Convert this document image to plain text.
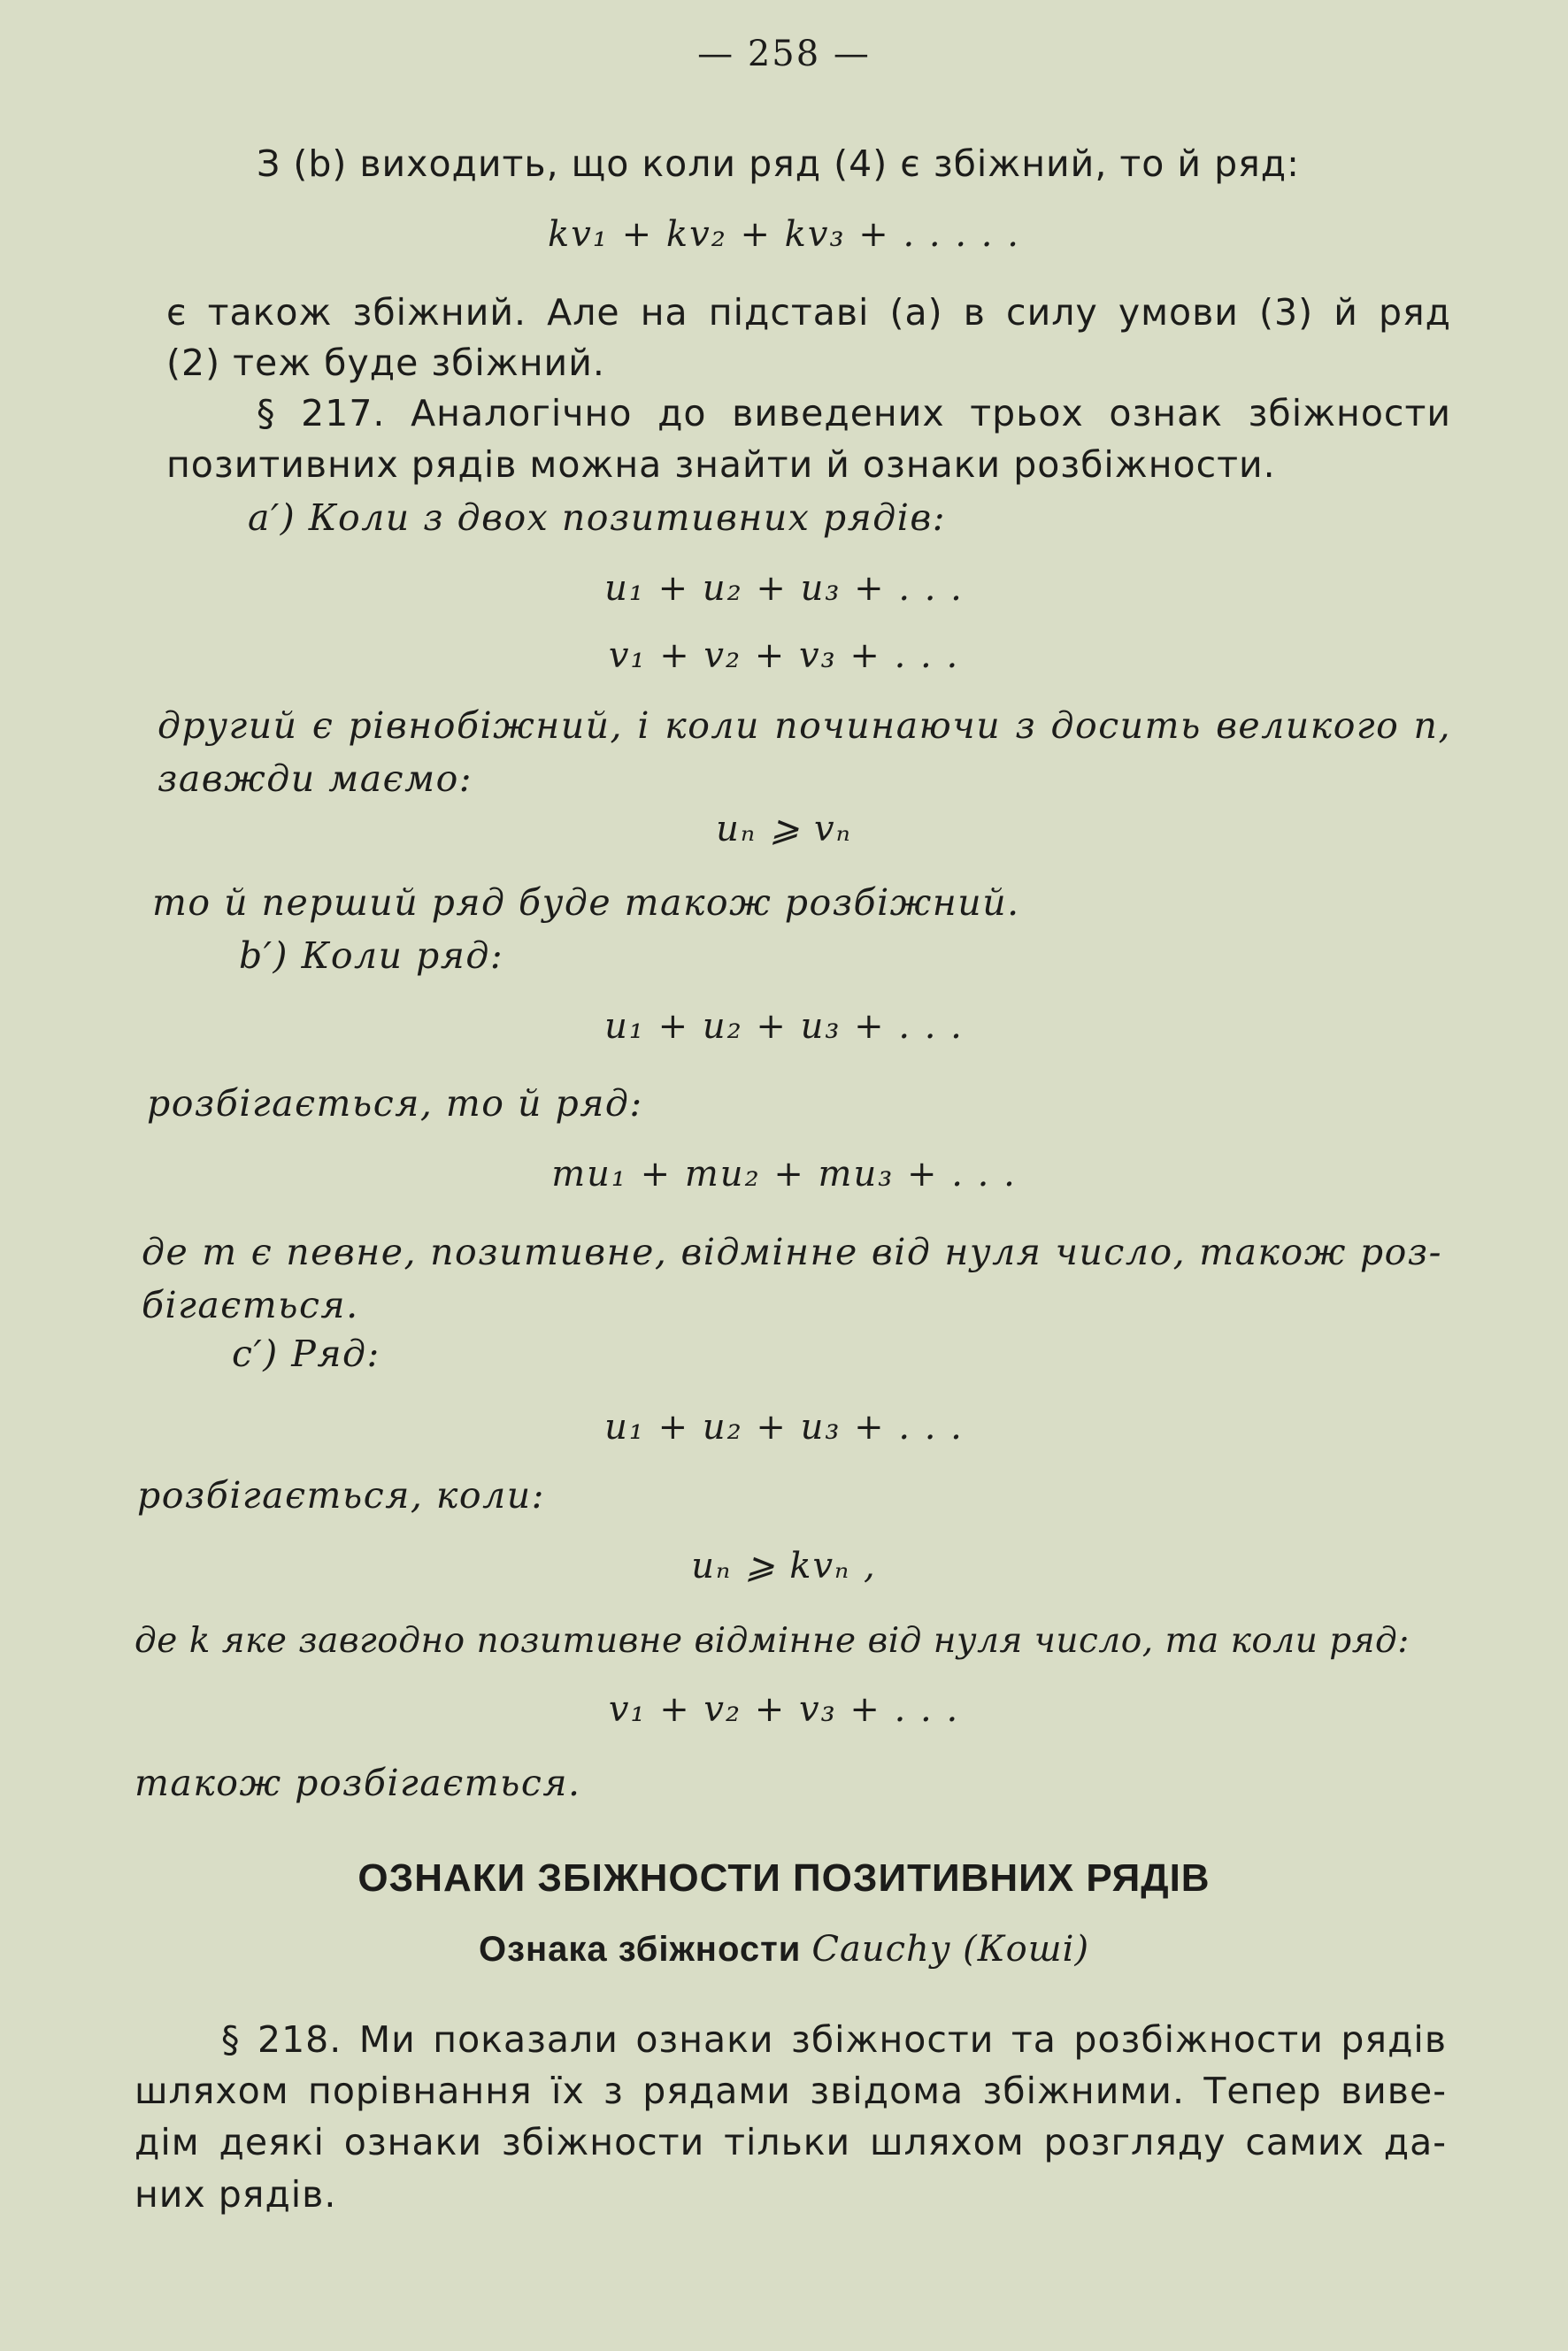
— 258 —
З (b) виходить, що коли ряд (4) є збіжний, то й ряд:
kv₁ + kv₂ + kv₃ + . . . . .
є також збіжний. Але на підставі (a) в силу умови (3) й ряд
(2) теж буде збіжний.
§ 217. Аналогічно до виведених трьох ознак збіжности
позитивних рядів можна знайти й ознаки розбіжности.
a′) Коли з двох позитивних рядів:
u₁ + u₂ + u₃ + . . .
v₁ + v₂ + v₃ + . . .
другий є рівнобіжний, і коли починаючи з досить великого n,
завжди маємо:
uₙ ⩾ vₙ
то й перший ряд буде також розбіжний.
b′) Коли ряд:
u₁ + u₂ + u₃ + . . .
розбігається, то й ряд:
mu₁ + mu₂ + mu₃ + . . .
де m є певне, позитивне, відмінне від нуля число, також роз-
бігається.
c′) Ряд:
u₁ + u₂ + u₃ + . . .
розбігається, коли:
uₙ ⩾ kvₙ ,
де k яке завгодно позитивне відмінне від нуля число, та коли ряд:
v₁ + v₂ + v₃ + . . .
також розбігається.
ОЗНАКИ ЗБІЖНОСТИ ПОЗИТИВНИХ РЯДІВ
Ознака збіжности Cauchy (Коші)
§ 218. Ми показали ознаки збіжности та розбіжности рядів
шляхом порівнання їх з рядами звідома збіжними. Тепер виве-
дім деякі ознаки збіжности тільки шляхом розгляду самих да-
них рядів.
